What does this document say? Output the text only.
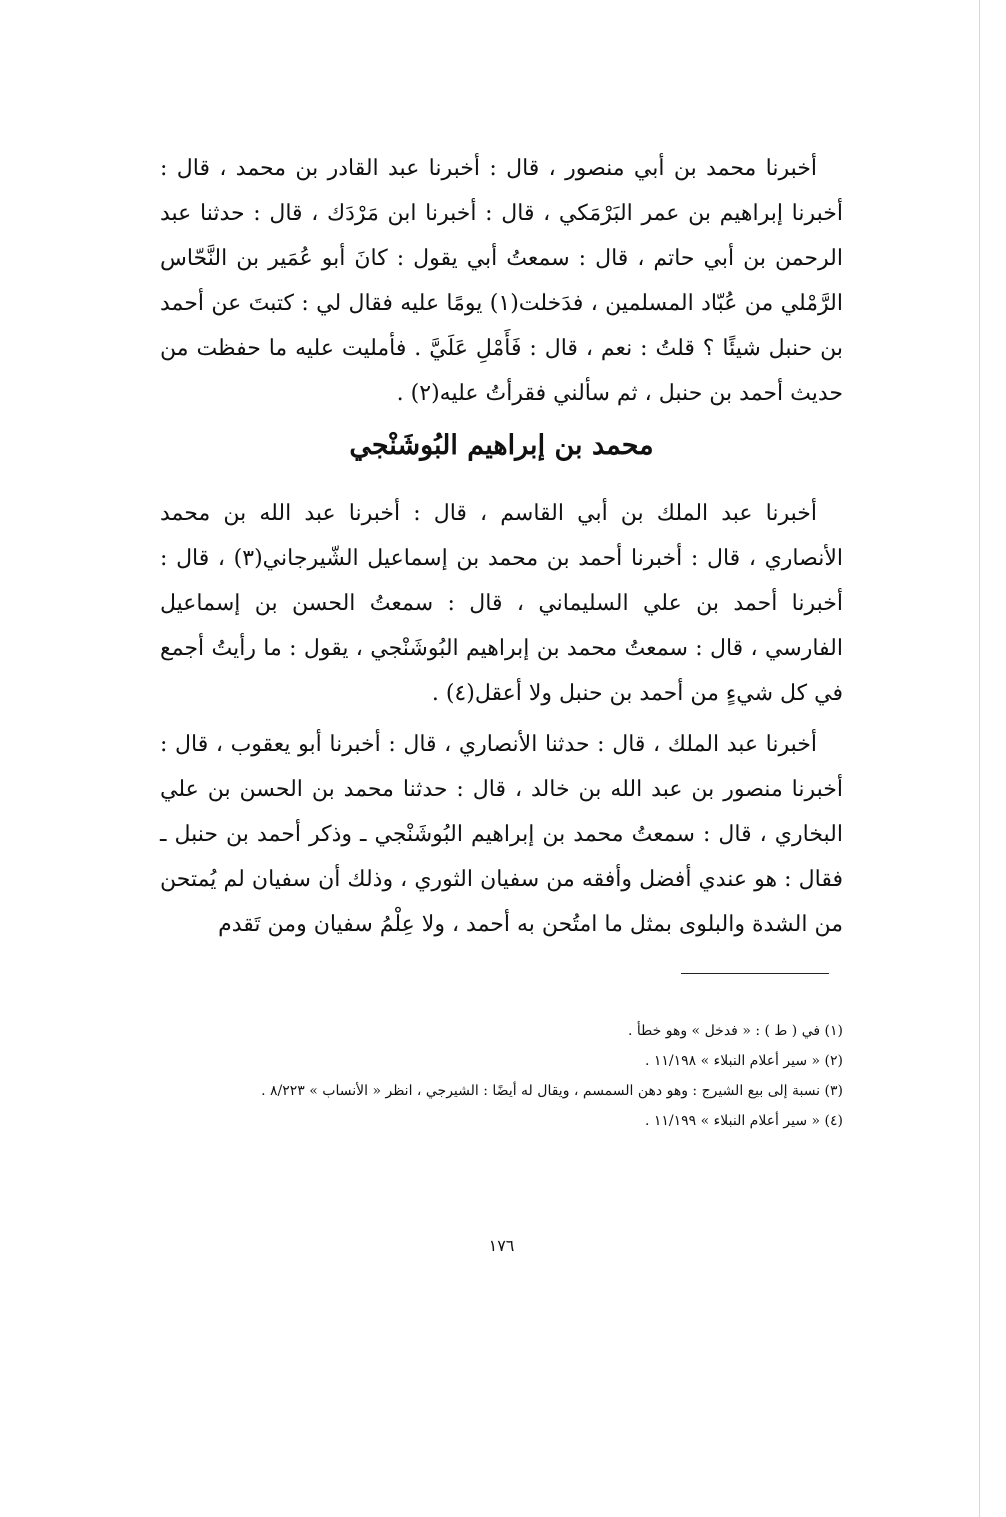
أخبرنا محمد بن أبي منصور ، قال : أخبرنا عبد القادر بن محمد ، قال : أخبرنا إبراهيم بن عمر البَرْمَكي ، قال : أخبرنا ابن مَرْدَك ، قال : حدثنا عبد الرحمن بن أبي حاتم ، قال : سمعتُ أبي يقول : كانَ أبو عُمَير بن النَّحّاس الرَّمْلي من عُبّاد المسلمين ، فدَخلت(١) يومًا عليه فقال لي : كتبتَ عن أحمد بن حنبل شيئًا ؟ قلتُ : نعم ، قال : فَأَمْلِ عَلَيَّ . فأمليت عليه ما حفظت من حديث أحمد بن حنبل ، ثم سألني فقرأتُ عليه(٢) .

محمد بن إبراهيم البُوشَنْجي

أخبرنا عبد الملك بن أبي القاسم ، قال : أخبرنا عبد الله بن محمد الأنصاري ، قال : أخبرنا أحمد بن محمد بن إسماعيل الشّيرجاني(٣) ، قال : أخبرنا أحمد بن علي السليماني ، قال : سمعتُ الحسن بن إسماعيل الفارسي ، قال : سمعتُ محمد بن إبراهيم البُوشَنْجي ، يقول : ما رأيتُ أجمع في كل شيءٍ من أحمد بن حنبل ولا أعقل(٤) .

أخبرنا عبد الملك ، قال : حدثنا الأنصاري ، قال : أخبرنا أبو يعقوب ، قال : أخبرنا منصور بن عبد الله بن خالد ، قال : حدثنا محمد بن الحسن بن علي البخاري ، قال : سمعتُ محمد بن إبراهيم البُوشَنْجي ـ وذكر أحمد بن حنبل ـ فقال : هو عندي أفضل وأفقه من سفيان الثوري ، وذلك أن سفيان لم يُمتحن من الشدة والبلوى بمثل ما امتُحن به أحمد ، ولا عِلْمُ سفيان ومن تَقدم

(١) في ( ط ) : « فدخل » وهو خطأ .

(٢) « سير أعلام النبلاء » ١١/١٩٨ .

(٣) نسبة إلى بيع الشيرج : وهو دهن السمسم ، ويقال له أيضًا : الشيرجي ، انظر « الأنساب » ٨/٢٢٣ .

(٤) « سير أعلام النبلاء » ١١/١٩٩ .

١٧٦
